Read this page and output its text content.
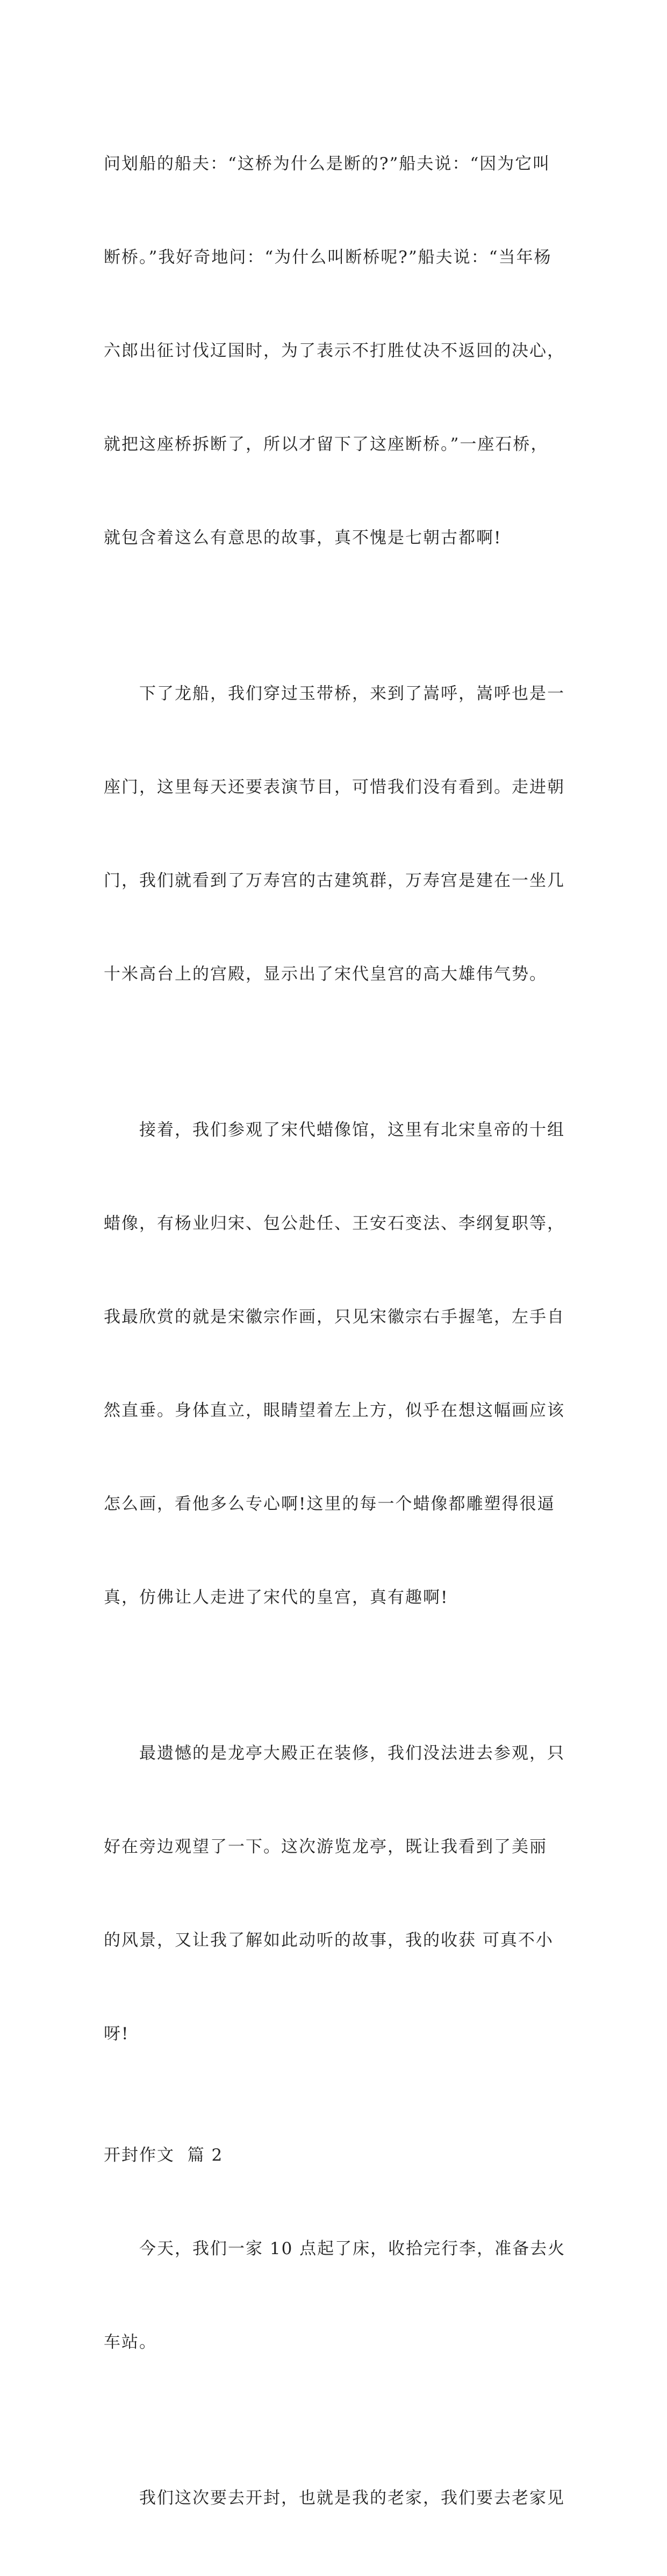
问划船的船夫：“这桥为什么是断的?”船夫说：“因为它叫

断桥。”我好奇地问：“为什么叫断桥呢?”船夫说：“当年杨

六郎出征讨伐辽国时，为了表示不打胜仗决不返回的决心，

就把这座桥拆断了，所以才留下了这座断桥。”一座石桥，

就包含着这么有意思的故事，真不愧是七朝古都啊!

下了龙船，我们穿过玉带桥，来到了嵩呼，嵩呼也是一

座门，这里每天还要表演节目，可惜我们没有看到。走进朝

门，我们就看到了万寿宫的古建筑群，万寿宫是建在一坐几

十米高台上的宫殿，显示出了宋代皇宫的高大雄伟气势。

接着，我们参观了宋代蜡像馆，这里有北宋皇帝的十组

蜡像，有杨业归宋、包公赴任、王安石变法、李纲复职等，

我最欣赏的就是宋徽宗作画，只见宋徽宗右手握笔，左手自

然直垂。身体直立，眼睛望着左上方，似乎在想这幅画应该

怎么画，看他多么专心啊!这里的每一个蜡像都雕塑得很逼

真，仿佛让人走进了宋代的皇宫，真有趣啊!

最遗憾的是龙亭大殿正在装修，我们没法进去参观，只

好在旁边观望了一下。这次游览龙亭，既让我看到了美丽

的风景，又让我了解如此动听的故事，我的收获 可真不小

呀!

开封作文  篇 2

今天，我们一家 10 点起了床，收拾完行李，准备去火

车站。

我们这次要去开封，也就是我的老家，我们要去老家见
